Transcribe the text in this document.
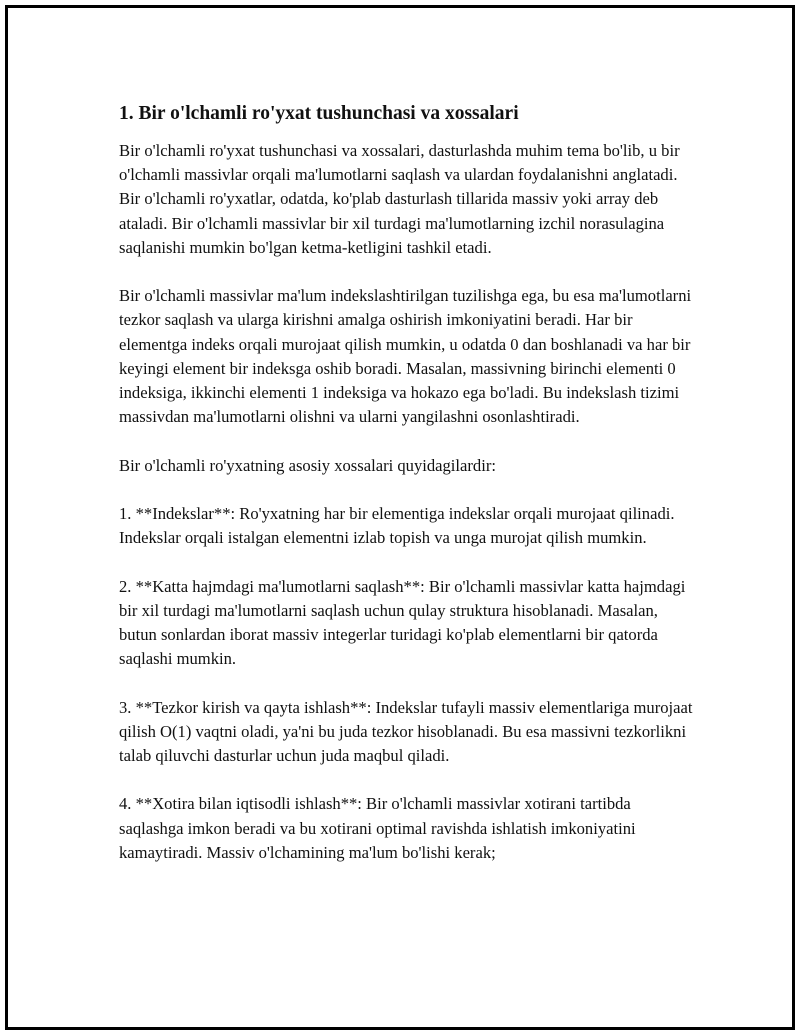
1. Bir o'lchamli ro'yxat tushunchasi va xossalari

Bir o'lchamli ro'yxat tushunchasi va xossalari, dasturlashda muhim tema bo'lib, u bir o'lchamli massivlar orqali ma'lumotlarni saqlash va ulardan foydalanishni anglatadi. Bir o'lchamli ro'yxatlar, odatda, ko'plab dasturlash tillarida massiv yoki array deb ataladi. Bir o'lchamli massivlar bir xil turdagi ma'lumotlarning izchil norasulagina saqlanishi mumkin bo'lgan ketma-ketligini tashkil etadi.

Bir o'lchamli massivlar ma'lum indekslashtirilgan tuzilishga ega, bu esa ma'lumotlarni tezkor saqlash va ularga kirishni amalga oshirish imkoniyatini beradi. Har bir elementga indeks orqali murojaat qilish mumkin, u odatda 0 dan boshlanadi va har bir keyingi element bir indeksga oshib boradi. Masalan, massivning birinchi elementi 0 indeksiga, ikkinchi elementi 1 indeksiga va hokazo ega bo'ladi. Bu indekslash tizimi massivdan ma'lumotlarni olishni va ularni yangilashni osonlashtiradi.

Bir o'lchamli ro'yxatning asosiy xossalari quyidagilardir:

1. **Indekslar**: Ro'yxatning har bir elementiga indekslar orqali murojaat qilinadi. Indekslar orqali istalgan elementni izlab topish va unga murojat qilish mumkin.

2. **Katta hajmdagi ma'lumotlarni saqlash**: Bir o'lchamli massivlar katta hajmdagi bir xil turdagi ma'lumotlarni saqlash uchun qulay struktura hisoblanadi. Masalan, butun sonlardan iborat massiv integerlar turidagi ko'plab elementlarni bir qatorda saqlashi mumkin.

3. **Tezkor kirish va qayta ishlash**: Indekslar tufayli massiv elementlariga murojaat qilish O(1) vaqtni oladi, ya'ni bu juda tezkor hisoblanadi. Bu esa massivni tezkorlikni talab qiluvchi dasturlar uchun juda maqbul qiladi.

4. **Xotira bilan iqtisodli ishlash**: Bir o'lchamli massivlar xotirani tartibda saqlashga imkon beradi va bu xotirani optimal ravishda ishlatish imkoniyatini kamaytiradi. Massiv o'lchamining ma'lum bo'lishi kerak;
